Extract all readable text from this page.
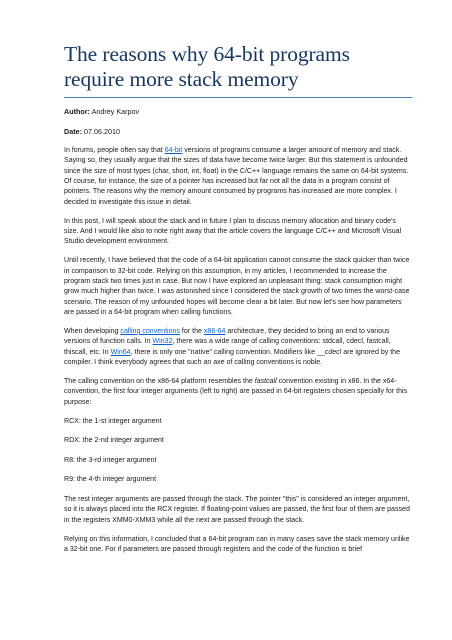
The reasons why 64-bit programs
require more stack memory
Author: Andrey Karpov
Date: 07.06.2010

In forums, people often say that 64-bit versions of programs consume a larger amount of memory and stack. Saying so, they usually argue that the sizes of data have become twice larger. But this statement is unfounded since the size of most types (char, short, int, float) in the C/C++ language remains the same on 64-bit systems. Of course, for instance, the size of a pointer has increased but far not all the data in a program consist of pointers. The reasons why the memory amount consumed by programs has increased are more complex. I decided to investigate this issue in detail.

In this post, I will speak about the stack and in future I plan to discuss memory allocation and binary code's size. And I would like also to note right away that the article covers the language C/C++ and Microsoft Visual Studio development environment.

Until recently, I have believed that the code of a 64-bit application cannot consume the stack quicker than twice in comparison to 32-bit code. Relying on this assumption, in my articles, I recommended to increase the program stack two times just in case. But now I have explored an unpleasant thing: stack consumption might grow much higher than twice. I was astonished since I considered the stack growth of two times the worst-case scenario. The reason of my unfounded hopes will become clear a bit later. But now let's see how parameters are passed in a 64-bit program when calling functions.

When developing calling conventions for the x86-64 architecture, they decided to bring an end to various versions of function calls. In Win32, there was a wide range of calling conventions: stdcall, cdecl, fastcall, thiscall, etc. In Win64, there is only one "native" calling convention. Modifiers like __cdecl are ignored by the compiler. I think everybody agrees that such an axe of calling conventions is noble.

The calling convention on the x86-64 platform resembles the fastcall convention existing in x86. In the x64-convention, the first four integer arguments (left to right) are passed in 64-bit registers chosen specially for this purpose:

RCX: the 1-st integer argument

RDX: the 2-nd integer argument

R8: the 3-rd integer argument

R9: the 4-th integer argument

The rest integer arguments are passed through the stack. The pointer "this" is considered an integer argument, so it is always placed into the RCX register. If floating-point values are passed, the first four of them are passed in the registers XMM0-XMM3 while all the next are passed through the stack.

Relying on this information, I concluded that a 64-bit program can in many cases save the stack memory unlike a 32-bit one. For if parameters are passed through registers and the code of the function is brief
